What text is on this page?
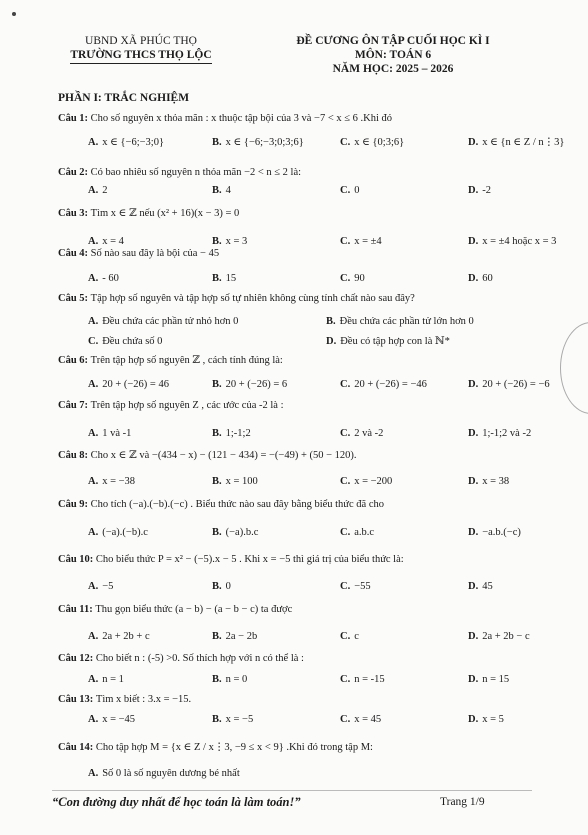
UBND XÃ PHÚC THỌ
TRƯỜNG THCS THỌ LỘC
ĐỀ CƯƠNG ÔN TẬP CUỐI HỌC KÌ I
MÔN: TOÁN 6
NĂM HỌC: 2025 – 2026
PHẦN I: TRẮC NGHIỆM
Câu 1: Cho số nguyên x thỏa mãn : x thuộc tập bội của 3 và −7 < x ≤ 6 .Khi đó
A. x ∈ {−6;−3;0}	B. x ∈ {−6;−3;0;3;6}	C. x ∈ {0;3;6}	D. x ∈ {n ∈ Z / n⋮3}
Câu 2: Có bao nhiêu số nguyên n thỏa mãn −2 < n ≤ 2 là:
A. 2	B. 4	C. 0	D. -2
Câu 3: Tìm x ∈ ℤ nếu (x² + 16)(x − 3) = 0
A. x = 4	B. x = 3	C. x = ±4	D. x = ±4 hoặc x = 3
Câu 4: Số nào sau đây là bội của − 45
A. - 60	B. 15	C. 90	D. 60
Câu 5: Tập hợp số nguyên và tập hợp số tự nhiên không cùng tính chất nào sau đây?
A. Đều chứa các phần tử nhỏ hơn 0	B. Đều chứa các phần tử lớn hơn 0
C. Đều chứa số 0	D. Đều có tập hợp con là ℕ*
Câu 6: Trên tập hợp số nguyên ℤ , cách tính đúng là:
A. 20 + (−26) = 46	B. 20 + (−26) = 6	C. 20 + (−26) = −46	D. 20 + (−26) = −6
Câu 7: Trên tập hợp số nguyên Z , các ước của -2 là :
A. 1 và -1	B. 1;-1;2	C. 2 và -2	D. 1;-1;2 và -2
Câu 8: Cho x ∈ ℤ và −(434 − x) − (121 − 434) = −(−49) + (50 − 120).
A. x = −38	B. x = 100	C. x = −200	D. x = 38
Câu 9: Cho tích (−a).(−b).(−c) . Biểu thức nào sau đây bằng biểu thức đã cho
A. (−a).(−b).c	B. (−a).b.c	C. a.b.c	D. −a.b.(−c)
Câu 10: Cho biểu thức P = x² − (−5).x − 5 . Khi x = −5 thì giá trị của biểu thức là:
A. −5	B. 0	C. −55	D. 45
Câu 11: Thu gọn biểu thức (a − b) − (a − b − c) ta được
A. 2a + 2b + c	B. 2a − 2b	C. c	D. 2a + 2b − c
Câu 12: Cho biết n : (-5) >0. Số thích hợp với n có thể là :
A. n = 1	B. n = 0	C. n = -15	D. n = 15
Câu 13: Tìm x biết : 3.x = −15.
A. x = −45	B. x = −5	C. x = 45	D. x = 5
Câu 14: Cho tập hợp M = {x ∈ Z / x⋮3, −9 ≤ x < 9} .Khi đó trong tập M:
A. Số 0 là số nguyên dương bé nhất
“Con đường duy nhất để học toán là làm toán!”	Trang 1/9
